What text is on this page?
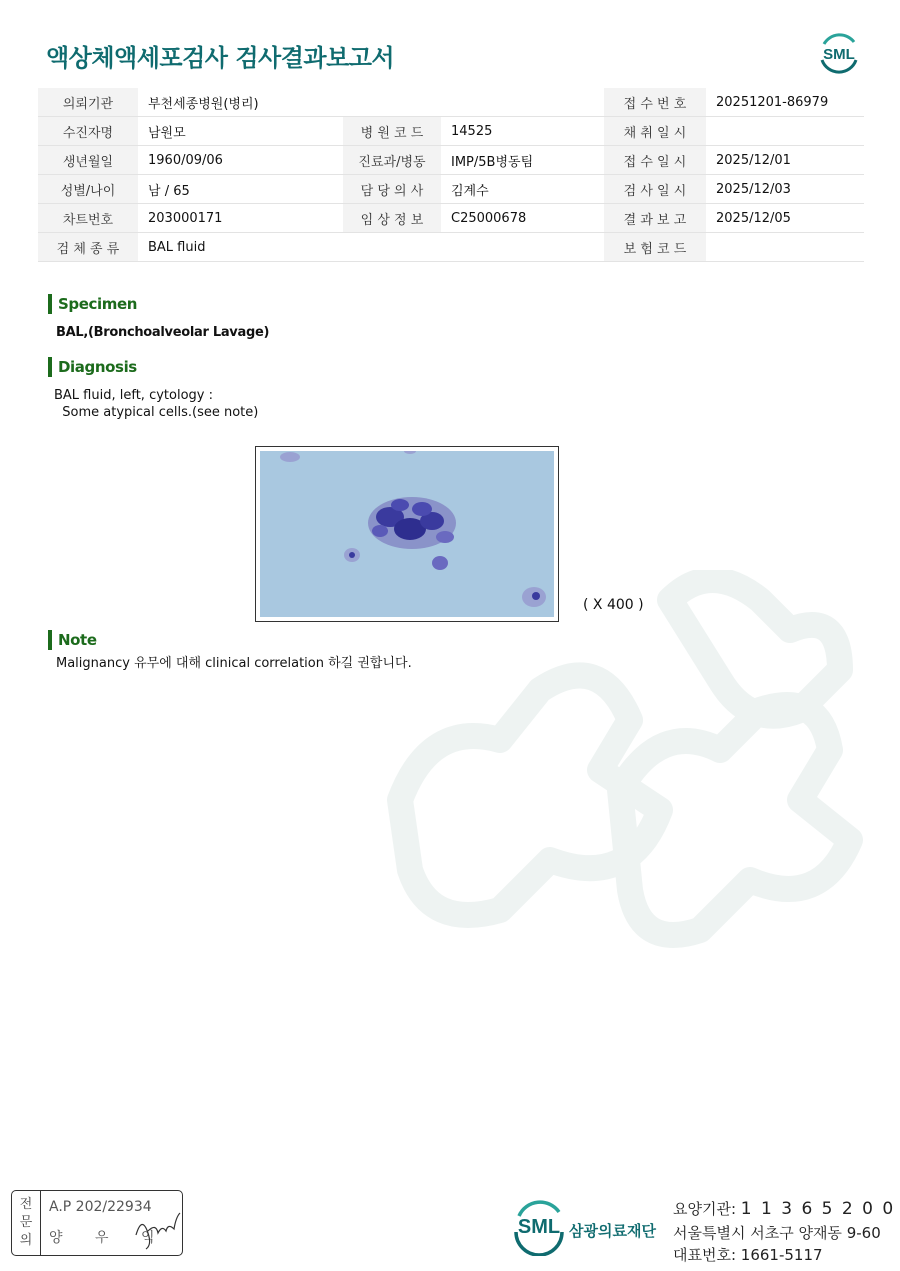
액상체액세포검사 검사결과보고서	SML
의뢰기관	부천세종병원(병리)			접 수 번 호	20251201-86979
수진자명	남원모	병 원 코 드	14525	채 취 일 시	
생년월일	1960/09/06	진료과/병동	IMP/5B병동팀	접 수 일 시	2025/12/01
성별/나이	남 / 65	담 당 의 사	김계수	검 사 일 시	2025/12/03
차트번호	203000171	임 상 정 보	C25000678	결 과 보 고	2025/12/05
검 체 종 류	BAL fluid			보 험 코 드	
Specimen
BAL,(Bronchoalveolar Lavage)
Diagnosis
BAL fluid, left, cytology :
Some atypical cells.(see note)
( X 400 )
Note
Malignancy 유무에 대해 clinical correlation 하길 권합니다.
전
문
의
A.P 202/22934
양 우 익	SML 삼광의료재단
요양기관: 1 1 3 6 5 2 0 0
서울특별시 서초구 양재동 9-60
대표번호: 1661-5117
